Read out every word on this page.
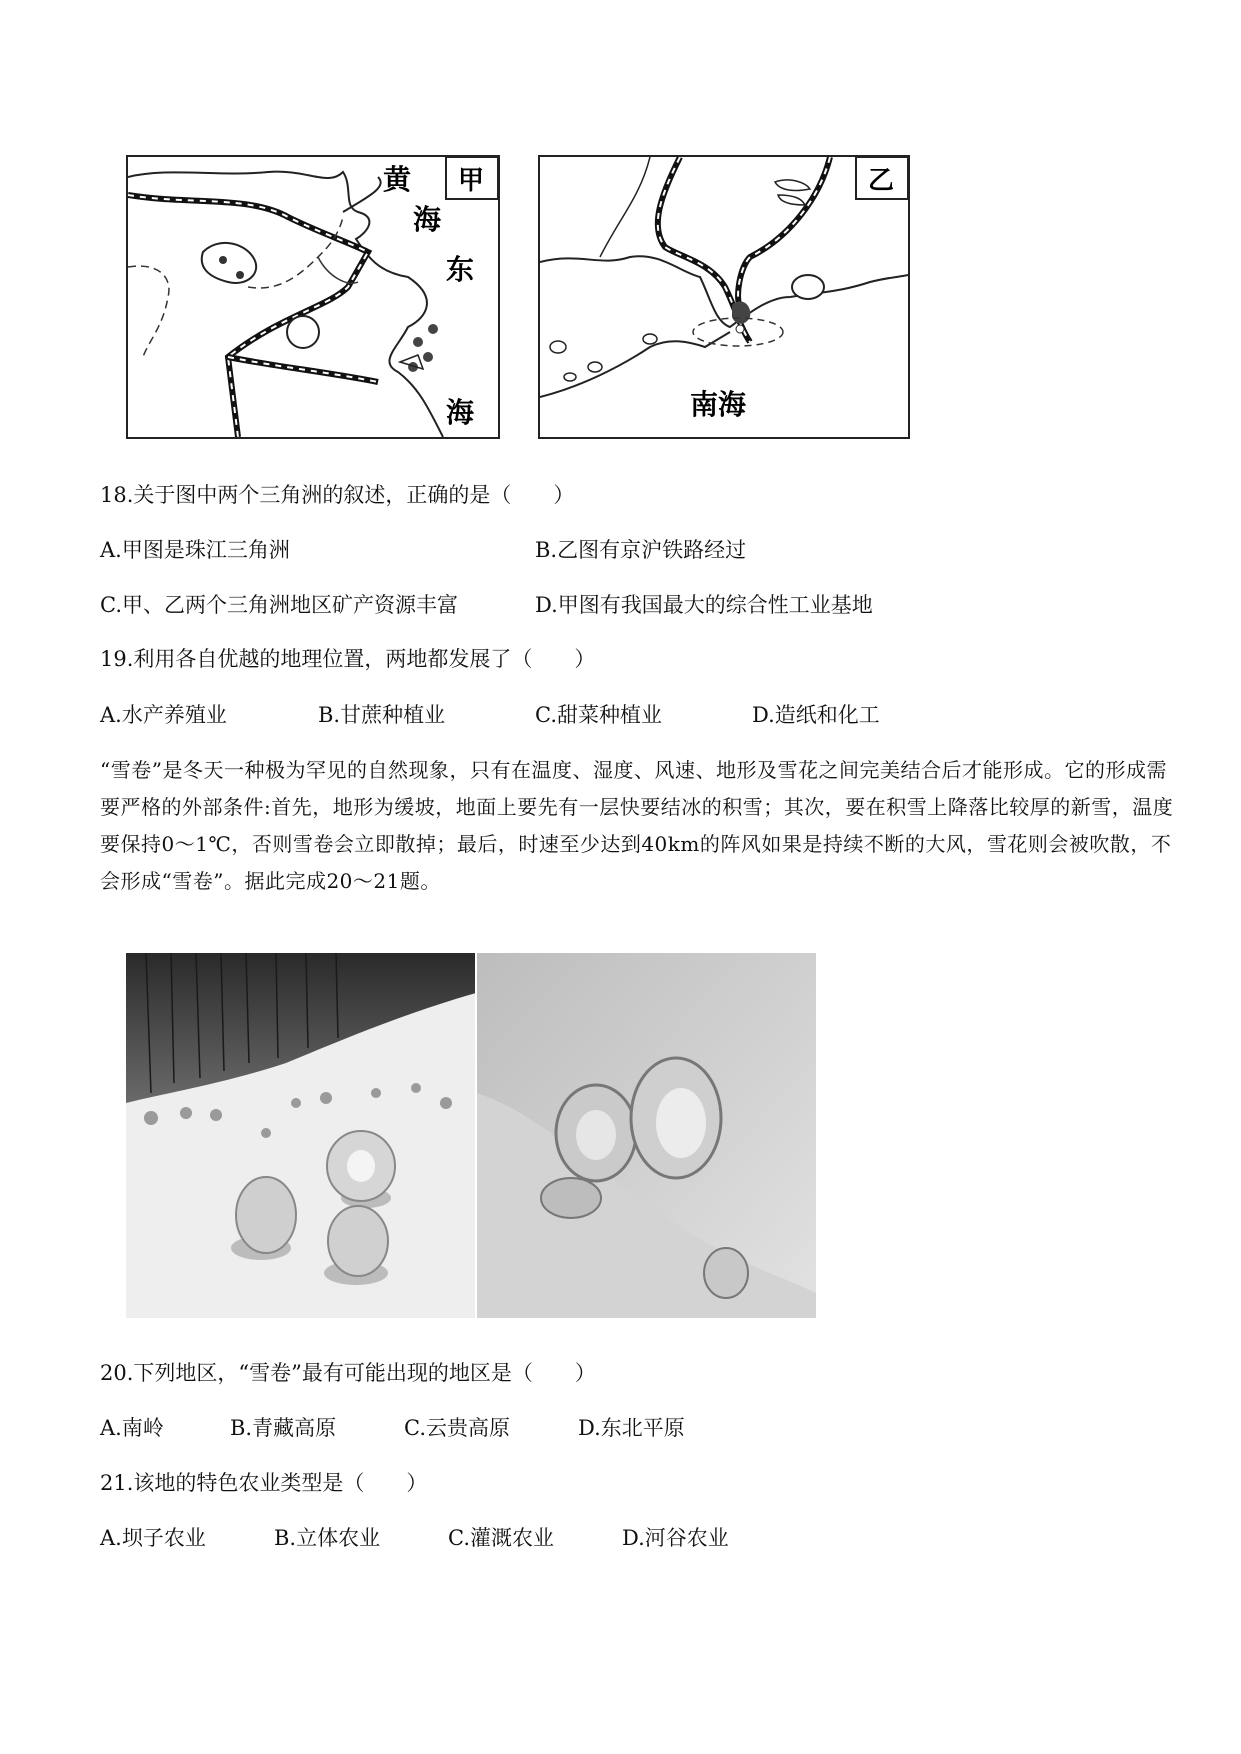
黄
海
东
海
甲
南海
乙
18.关于图中两个三角洲的叙述，正确的是（　　）
A.甲图是珠江三角洲	B.乙图有京沪铁路经过
C.甲、乙两个三角洲地区矿产资源丰富	D.甲图有我国最大的综合性工业基地
19.利用各自优越的地理位置，两地都发展了（　　）
A.水产养殖业	B.甘蔗种植业	C.甜菜种植业	D.造纸和化工
“雪卷”是冬天一种极为罕见的自然现象，只有在温度、湿度、风速、地形及雪花之间完美结合后才能形成。它的形成需要严格的外部条件:首先，地形为缓坡，地面上要先有一层快要结冰的积雪；其次，要在积雪上降落比较厚的新雪，温度要保持0～1℃，否则雪卷会立即散掉；最后，时速至少达到40km的阵风如果是持续不断的大风，雪花则会被吹散，不会形成“雪卷”。据此完成20～21题。
20.下列地区，“雪卷”最有可能出现的地区是（　　）
A.南岭	B.青藏高原	C.云贵高原	D.东北平原
21.该地的特色农业类型是（　　）
A.坝子农业	B.立体农业	C.灌溉农业	D.河谷农业
